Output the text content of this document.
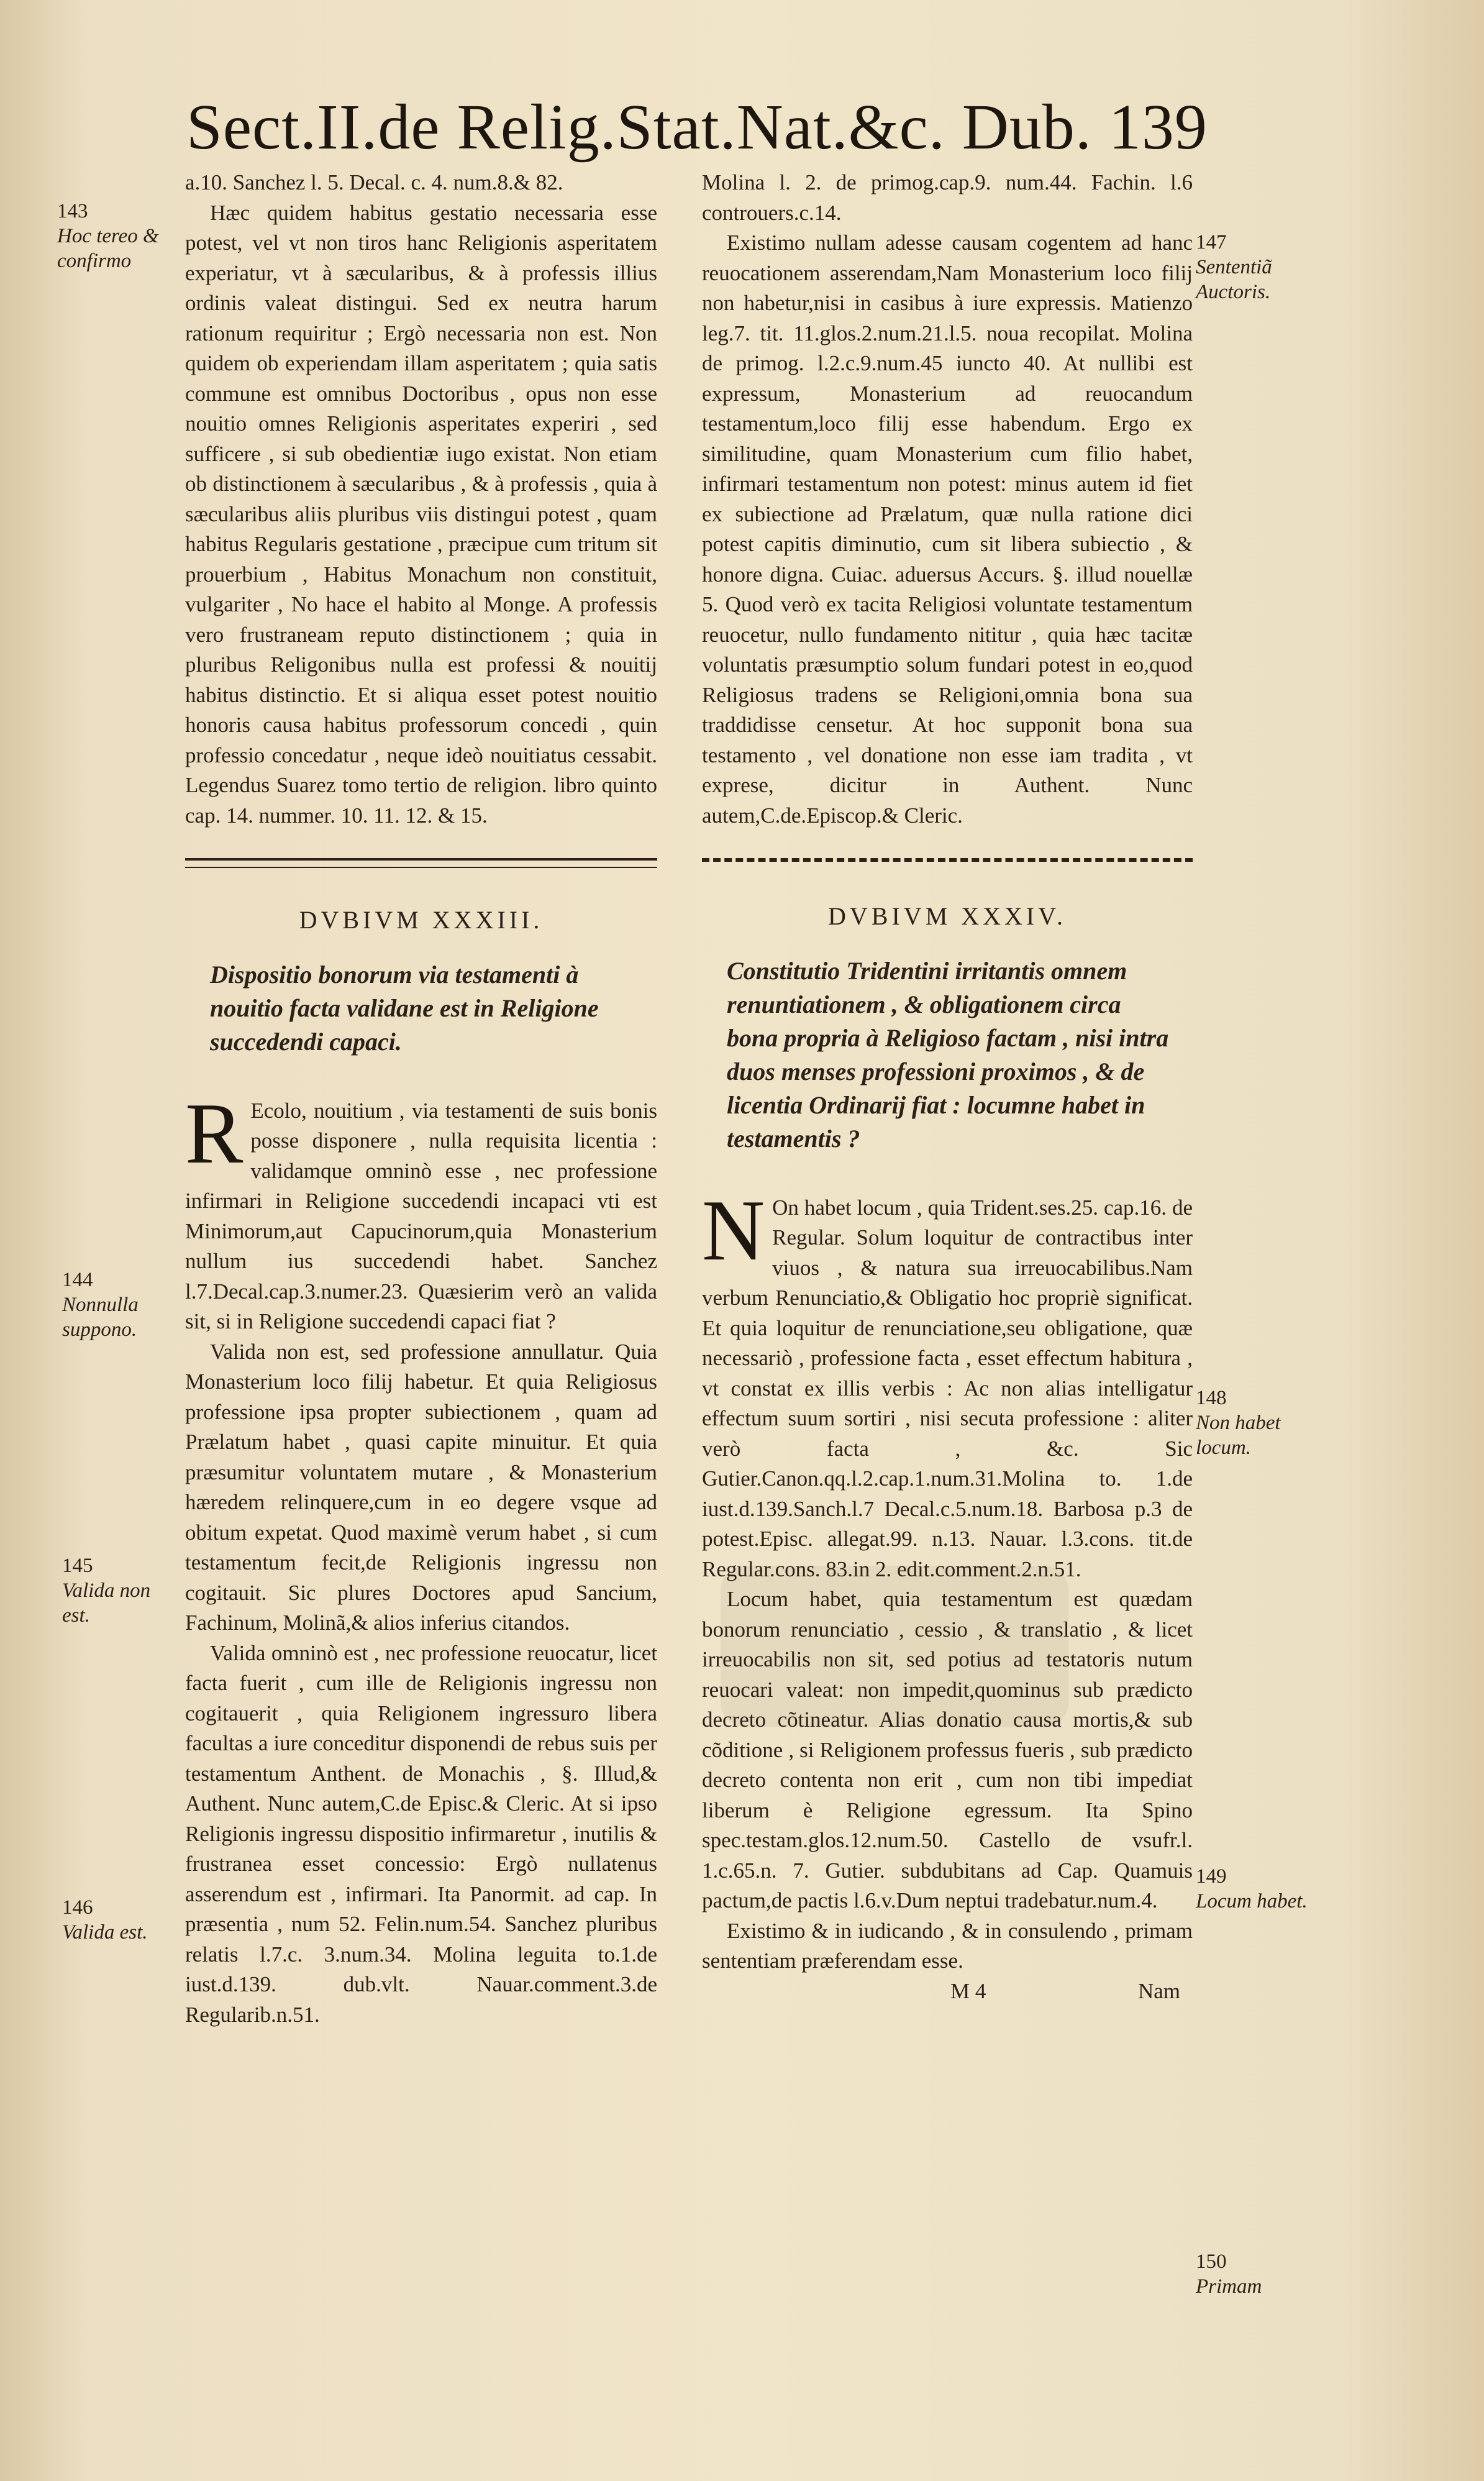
Sect.II.de Relig.Stat.Nat.&c. Dub. 139

a.10. Sanchez l. 5. Decal. c. 4. num.8.& 82.

Hæc quidem habitus gestatio necessaria esse potest, vel vt non tiros hanc Religionis asperitatem experiatur, vt à sæcularibus, & à professis illius ordinis valeat distingui. Sed ex neutra harum rationum requiritur ; Ergò necessaria non est. Non quidem ob experiendam illam asperitatem ; quia satis commune est omnibus Doctoribus , opus non esse nouitio omnes Religionis asperitates experiri , sed sufficere , si sub obedientiæ iugo existat. Non etiam ob distinctionem à sæcularibus , & à professis , quia à sæcularibus aliis pluribus viis distingui potest , quam habitus Regularis gestatione , præcipue cum tritum sit prouerbium , Habitus Monachum non constituit, vulgariter , No hace el habito al Monge. A professis vero frustraneam reputo distinctionem ; quia in pluribus Religonibus nulla est professi & nouitij habitus distinctio. Et si aliqua esset potest nouitio honoris causa habitus professorum concedi , quin professio concedatur , neque ideò nouitiatus cessabit. Legendus Suarez tomo tertio de religion. libro quinto cap. 14. nummer. 10. 11. 12. & 15.

DVBIVM XXXIII.
Dispositio bonorum via testamenti à nouitio facta validane est in Religione succedendi capaci.

R Ecolo, nouitium , via testamenti de suis bonis posse disponere , nulla requisita licentia : validamque omninò esse , nec professione infirmari in Religione succedendi incapaci vti est Minimorum,aut Capucinorum,quia Monasterium nullum ius succedendi habet. Sanchez l.7.Decal.cap.3.numer.23. Quæsierim verò an valida sit, si in Religione succedendi capaci fiat ?

Valida non est, sed professione annullatur. Quia Monasterium loco filij habetur. Et quia Religiosus professione ipsa propter subiectionem , quam ad Prælatum habet , quasi capite minuitur. Et quia præsumitur voluntatem mutare , & Monasterium hæredem relinquere,cum in eo degere vsque ad obitum expetat. Quod maximè verum habet , si cum testamentum fecit,de Religionis ingressu non cogitauit. Sic plures Doctores apud Sancium, Fachinum, Molinã,& alios inferius citandos.

Valida omninò est , nec professione reuocatur, licet facta fuerit , cum ille de Religionis ingressu non cogitauerit , quia Religionem ingressuro libera facultas a iure conceditur disponendi de rebus suis per testamentum Anthent. de Monachis , §. Illud,& Authent. Nunc autem,C.de Episc.& Cleric. At si ipso Religionis ingressu dispositio infirmaretur , inutilis & frustranea esset concessio: Ergò nullatenus asserendum est , infirmari. Ita Panormit. ad cap. In præsentia , num 52. Felin.num.54. Sanchez pluribus relatis l.7.c. 3.num.34. Molina leguita to.1.de iust.d.139. dub.vlt. Nauar.comment.3.de Regularib.n.51.

Molina l. 2. de primog.cap.9. num.44. Fachin. l.6 controuers.c.14.

Existimo nullam adesse causam cogentem ad hanc reuocationem asserendam,Nam Monasterium loco filij non habetur,nisi in casibus à iure expressis. Matienzo leg.7. tit. 11.glos.2.num.21.l.5. noua recopilat. Molina de primog. l.2.c.9.num.45 iuncto 40. At nullibi est expressum, Monasterium ad reuocandum testamentum,loco filij esse habendum. Ergo ex similitudine, quam Monasterium cum filio habet, infirmari testamentum non potest: minus autem id fiet ex subiectione ad Prælatum, quæ nulla ratione dici potest capitis diminutio, cum sit libera subiectio , & honore digna. Cuiac. aduersus Accurs. §. illud nouellæ 5. Quod verò ex tacita Religiosi voluntate testamentum reuocetur, nullo fundamento nititur , quia hæc tacitæ voluntatis præsumptio solum fundari potest in eo,quod Religiosus tradens se Religioni,omnia bona sua traddidisse censetur. At hoc supponit bona sua testamento , vel donatione non esse iam tradita , vt exprese, dicitur in Authent. Nunc autem,C.de.Episcop.& Cleric.

DVBIVM XXXIV.
Constitutio Tridentini irritantis omnem renuntiationem , & obligationem circa bona propria à Religioso factam , nisi intra duos menses professioni proximos , & de licentia Ordinarij fiat : locumne habet in testamentis ?

N On habet locum , quia Trident.ses.25. cap.16. de Regular. Solum loquitur de contractibus inter viuos , & natura sua irreuocabilibus.Nam verbum Renunciatio,& Obligatio hoc propriè significat. Et quia loquitur de renunciatione,seu obligatione, quæ necessariò , professione facta , esset effectum habitura , vt constat ex illis verbis : Ac non alias intelligatur effectum suum sortiri , nisi secuta professione : aliter verò facta , &c. Sic Gutier.Canon.qq.l.2.cap.1.num.31.Molina to. 1.de iust.d.139.Sanch.l.7 Decal.c.5.num.18. Barbosa p.3 de potest.Episc. allegat.99. n.13. Nauar. l.3.cons. tit.de Regular.cons. 83.in 2. edit.comment.2.n.51.

Locum habet, quia testamentum est quædam bonorum renunciatio , cessio , & translatio , & licet irreuocabilis non sit, sed potius ad testatoris nutum reuocari valeat: non impedit,quominus sub prædicto decreto cõtineatur. Alias donatio causa mortis,& sub cõditione , si Religionem professus fueris , sub prædicto decreto contenta non erit , cum non tibi impediat liberum è Religione egressum. Ita Spino spec.testam.glos.12.num.50. Castello de vsufr.l. 1.c.65.n. 7. Gutier. subdubitans ad Cap. Quamuis pactum,de pactis l.6.v.Dum neptui tradebatur.num.4.

Existimo & in iudicando , & in consulendo , primam sententiam præferendam esse.

M 4	Nam
143
Hoc tereo & confirmo
144
Nonnulla suppono.
145
Valida non est.
146
Valida est.
147
Sententiã Auctoris.
148
Non habet locum.
149
Locum habet.
150
Primam
